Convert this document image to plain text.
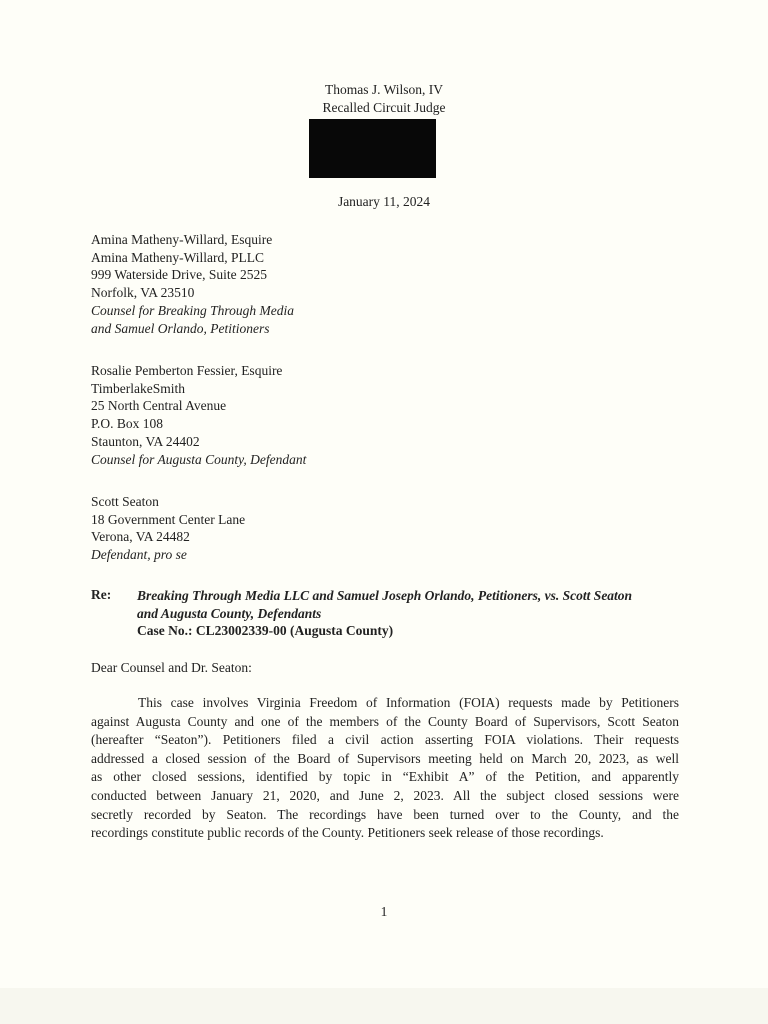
Thomas J. Wilson, IV
Recalled Circuit Judge
January 11, 2024
Amina Matheny-Willard, Esquire
Amina Matheny-Willard, PLLC
999 Waterside Drive, Suite 2525
Norfolk, VA 23510
Counsel for Breaking Through Media
and Samuel Orlando, Petitioners
Rosalie Pemberton Fessier, Esquire
TimberlakeSmith
25 North Central Avenue
P.O. Box 108
Staunton, VA 24402
Counsel for Augusta County, Defendant
Scott Seaton
18 Government Center Lane
Verona, VA 24482
Defendant, pro se
Re: Breaking Through Media LLC and Samuel Joseph Orlando, Petitioners, vs. Scott Seaton
and Augusta County, Defendants
Case No.: CL23002339-00 (Augusta County)
Dear Counsel and Dr. Seaton:
This case involves Virginia Freedom of Information (FOIA) requests made by Petitioners
against Augusta County and one of the members of the County Board of Supervisors, Scott Seaton
(hereafter “Seaton”). Petitioners filed a civil action asserting FOIA violations. Their requests
addressed a closed session of the Board of Supervisors meeting held on March 20, 2023, as well
as other closed sessions, identified by topic in “Exhibit A” of the Petition, and apparently
conducted between January 21, 2020, and June 2, 2023. All the subject closed sessions were
secretly recorded by Seaton. The recordings have been turned over to the County, and the
recordings constitute public records of the County. Petitioners seek release of those recordings.
1
